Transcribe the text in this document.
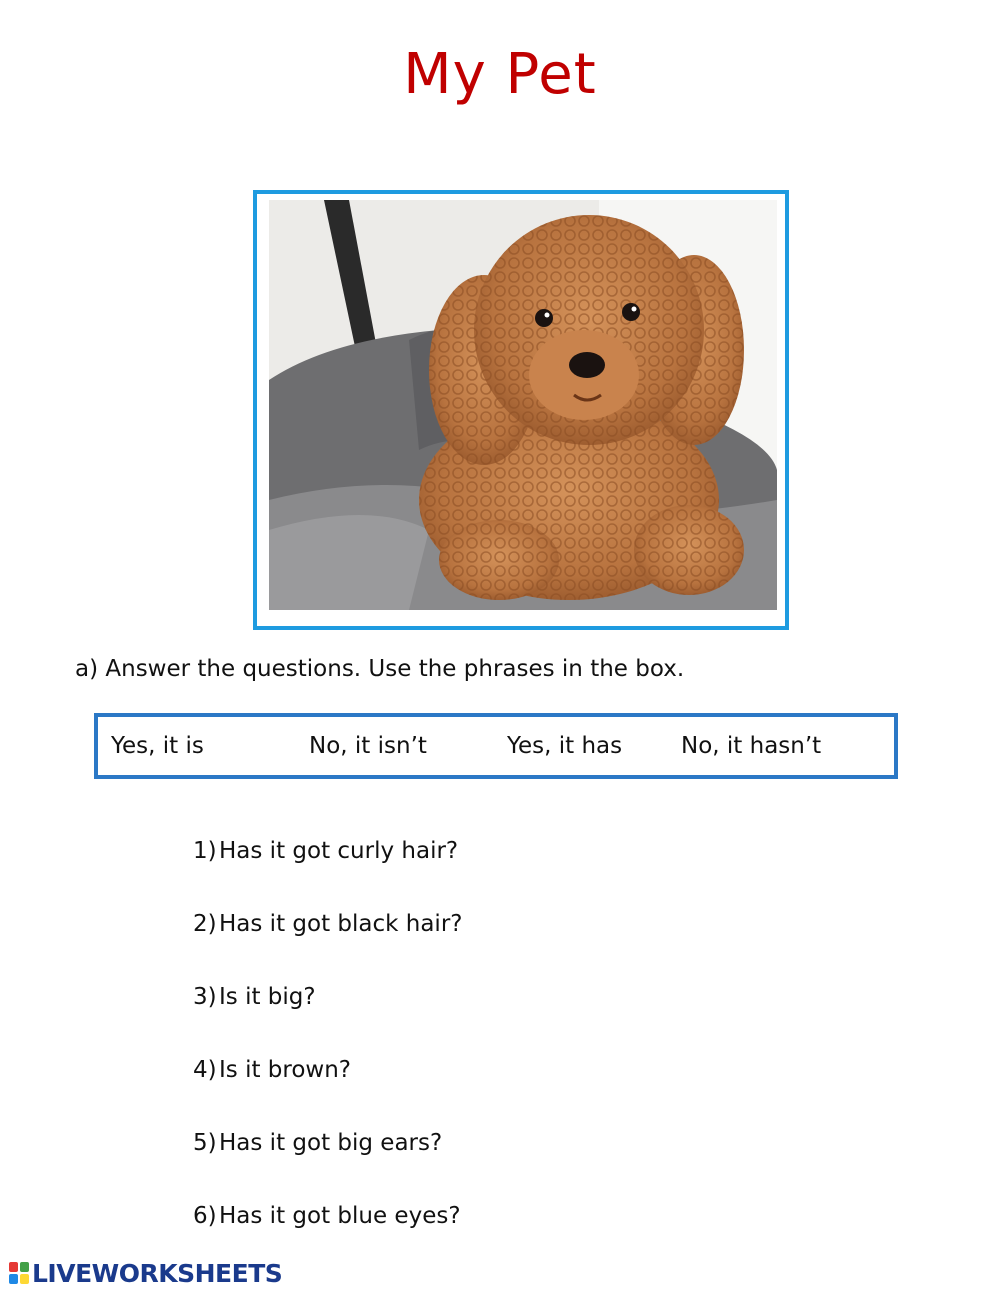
My Pet
a) Answer the questions. Use the phrases in the box.
Yes, it is	No, it isn’t	Yes, it has	No, it hasn’t
1) Has it got curly hair?
2) Has it got black hair?
3) Is it big?
4) Is it brown?
5) Has it got big ears?
6) Has it got blue eyes?
LIVEWORKSHEETS
